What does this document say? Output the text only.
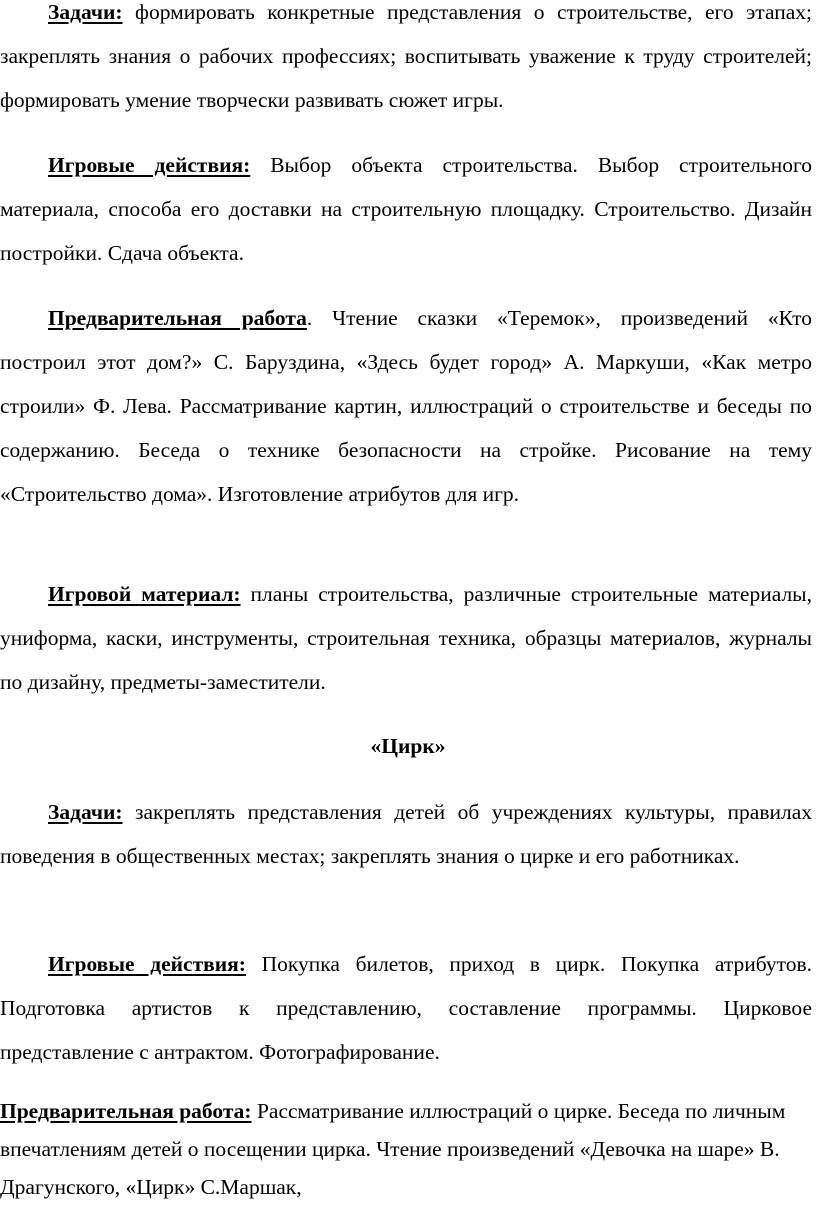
Задачи: формировать конкретные представления о строительстве, его этапах; закреплять знания о рабочих профессиях; воспитывать уважение к труду строителей; формировать умение творчески развивать сюжет игры.

Игровые действия: Выбор объекта строительства. Выбор строительного материала, способа его доставки на строительную площадку. Строительство. Дизайн постройки. Сдача объекта.

Предварительная работа. Чтение сказки «Теремок», произведений «Кто построил этот дом?» С. Баруздина, «Здесь будет город» А. Маркуши, «Как метро строили» Ф. Лева. Рассматривание картин, иллюстраций о строительстве и беседы по содержанию. Беседа о технике безопасности на стройке. Рисование на тему «Строительство дома». Изготовление атрибутов для игр.

Игровой материал: планы строительства, различные строительные материалы, униформа, каски, инструменты, строительная техника, образцы материалов, журналы по дизайну, предметы-заместители.

«Цирк»

Задачи: закреплять представления детей об учреждениях культуры, правилах поведения в общественных местах; закреплять знания о цирке и его работниках.

Игровые действия: Покупка билетов, приход в цирк. Покупка атрибутов. Подготовка артистов к представлению, составление программы. Цирковое представление с антрактом. Фотографирование.

Предварительная работа: Рассматривание иллюстраций о цирке. Беседа по личным впечатлениям детей о посещении цирка. Чтение произведений «Девочка на шаре» В. Драгунского, «Цирк» С.Маршак,
